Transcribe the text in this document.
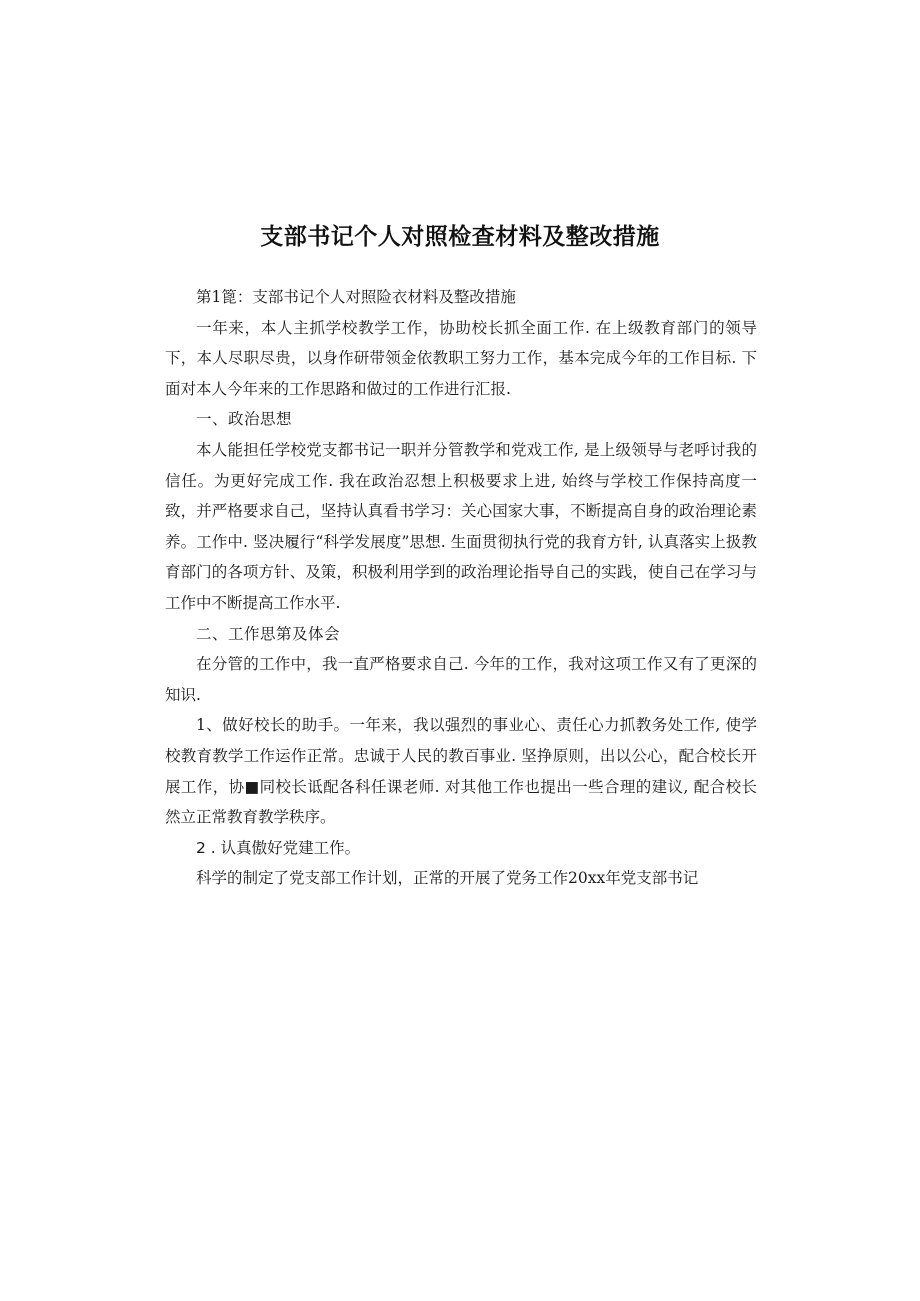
支部书记个人对照检查材料及整改措施

第1篦：支部书记个人对照险衣材料及整改措施

一年来，本人主抓学校教学工作，协助校长抓全面工作. 在上级教育部门的领导下，本人尽职尽贵，以身作研带领金依教职工努力工作，基本完成今年的工作目标. 下面对本人今年来的工作思路和做过的工作进行汇报.

一、政治思想

本人能担任学校党支都书记一职并分管教学和党戏工作, 是上级领导与老呼讨我的信任。为更好完成工作. 我在政治忍想上积极要求上进, 始终与学校工作保持高度一致，并严格要求自己，坚持认真看书学习：关心国家大事，不断提高自身的政治理论素养。工作中. 竖决履行“科学发展度”思想. 生面贯彻执行党的我育方针, 认真落实上扱教育部门的各项方针、及策，积极利用学到的政治理论指导自己的实践，使自己在学习与工作中不断提高工作水平.

二、工作思第及体会

在分管的工作中，我一直严格要求自己. 今年的工作，我对这项工作又有了更深的知识.

1、做好校长的助手。一年来，我以强烈的事业心、责任心力抓教务处工作, 使学校教育教学工作运作正常。忠诚于人民的教百事业. 坚挣原则，出以公心，配合校长开展工作，协■同校长诋配各科任课老师. 对其他工作也提出一些合理的建议, 配合校长然立正常教育教学秩序。

2 . 认真傲好党建工作。

科学的制定了党支部工作计划，正常的开展了党务工作20xx年党支部书记
